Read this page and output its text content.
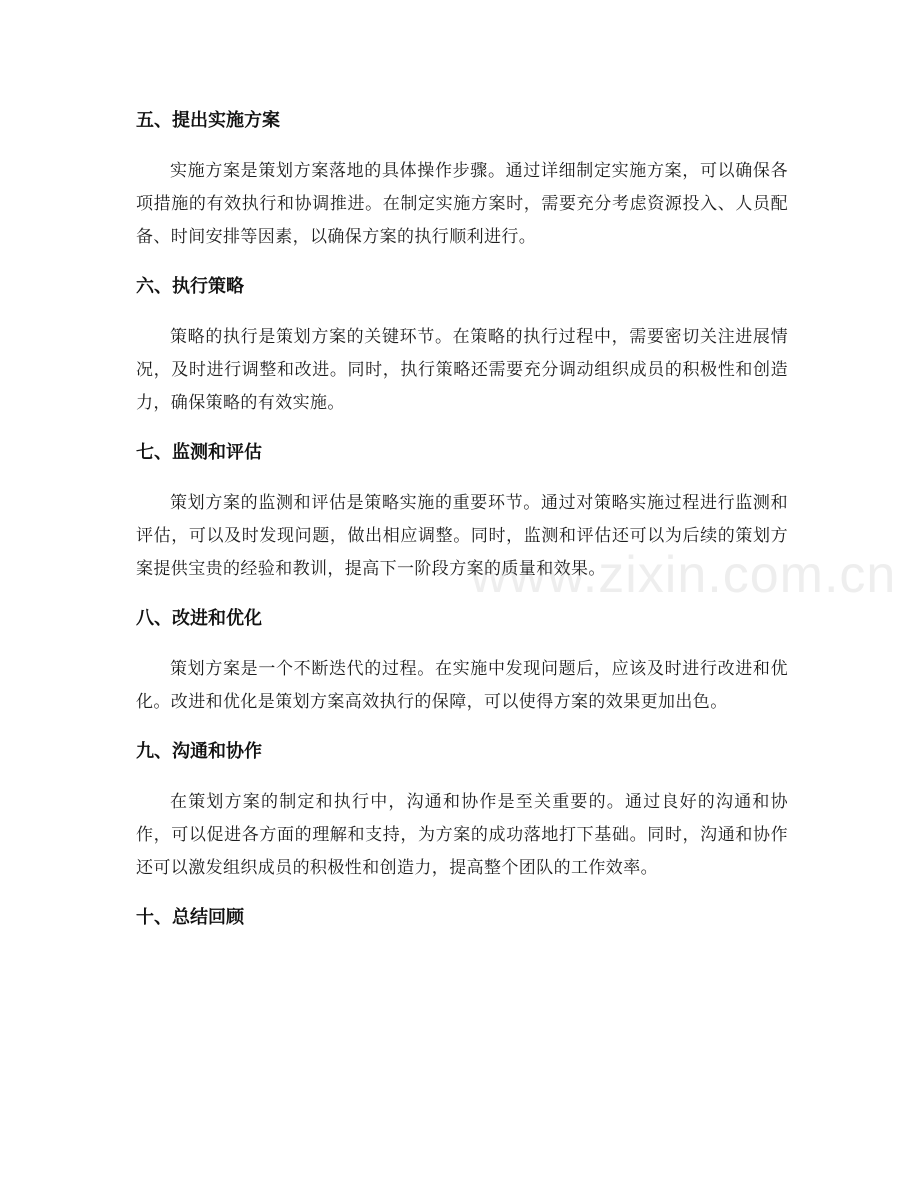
五、提出实施方案

实施方案是策划方案落地的具体操作步骤。通过详细制定实施方案，可以确保各项措施的有效执行和协调推进。在制定实施方案时，需要充分考虑资源投入、人员配备、时间安排等因素，以确保方案的执行顺利进行。

六、执行策略

策略的执行是策划方案的关键环节。在策略的执行过程中，需要密切关注进展情况，及时进行调整和改进。同时，执行策略还需要充分调动组织成员的积极性和创造力，确保策略的有效实施。

七、监测和评估

策划方案的监测和评估是策略实施的重要环节。通过对策略实施过程进行监测和评估，可以及时发现问题，做出相应调整。同时，监测和评估还可以为后续的策划方案提供宝贵的经验和教训，提高下一阶段方案的质量和效果。

八、改进和优化

策划方案是一个不断迭代的过程。在实施中发现问题后，应该及时进行改进和优化。改进和优化是策划方案高效执行的保障，可以使得方案的效果更加出色。

九、沟通和协作

在策划方案的制定和执行中，沟通和协作是至关重要的。通过良好的沟通和协作，可以促进各方面的理解和支持，为方案的成功落地打下基础。同时，沟通和协作还可以激发组织成员的积极性和创造力，提高整个团队的工作效率。

十、总结回顾
www.zixin.com.cn
